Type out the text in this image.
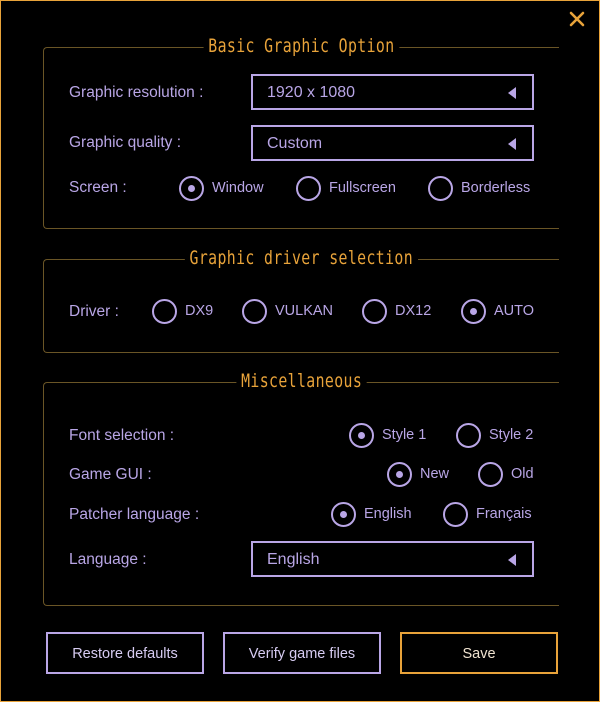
Basic Graphic Option
Graphic resolution :	1920 x 1080
Graphic quality :	Custom
Screen :	Window	Fullscreen	Borderless
Graphic driver selection
Driver :	DX9	VULKAN	DX12	AUTO
Miscellaneous
Font selection :	Style 1	Style 2
Game GUI :	New	Old
Patcher language :	English	Français
Language :	English
Restore defaults	Verify game files	Save
